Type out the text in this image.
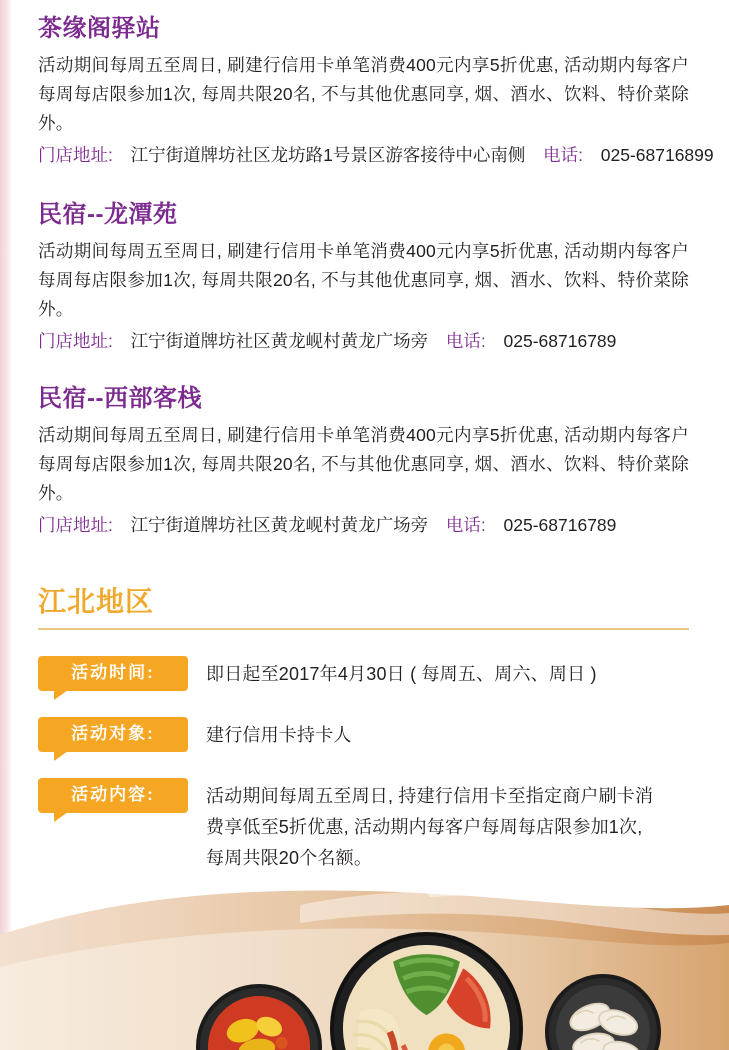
茶缘阁驿站

活动期间每周五至周日, 刷建行信用卡单笔消费400元内享5折优惠, 活动期内每客户每周每店限参加1次, 每周共限20名, 不与其他优惠同享, 烟、酒水、饮料、特价菜除外。

门店地址: 江宁街道牌坊社区龙坊路1号景区游客接待中心南侧 电话: 025-68716899
民宿--龙潭苑

活动期间每周五至周日, 刷建行信用卡单笔消费400元内享5折优惠, 活动期内每客户每周每店限参加1次, 每周共限20名, 不与其他优惠同享, 烟、酒水、饮料、特价菜除外。

门店地址: 江宁街道牌坊社区黄龙岘村黄龙广场旁 电话: 025-68716789
民宿--西部客栈

活动期间每周五至周日, 刷建行信用卡单笔消费400元内享5折优惠, 活动期内每客户每周每店限参加1次, 每周共限20名, 不与其他优惠同享, 烟、酒水、饮料、特价菜除外。

门店地址: 江宁街道牌坊社区黄龙岘村黄龙广场旁 电话: 025-68716789
江北地区
活动时间:	即日起至2017年4月30日 ( 每周五、周六、周日 )
活动对象:	建行信用卡持卡人
活动内容:	活动期间每周五至周日, 持建行信用卡至指定商户刷卡消费享低至5折优惠, 活动期内每客户每周每店限参加1次, 每周共限20个名额。
